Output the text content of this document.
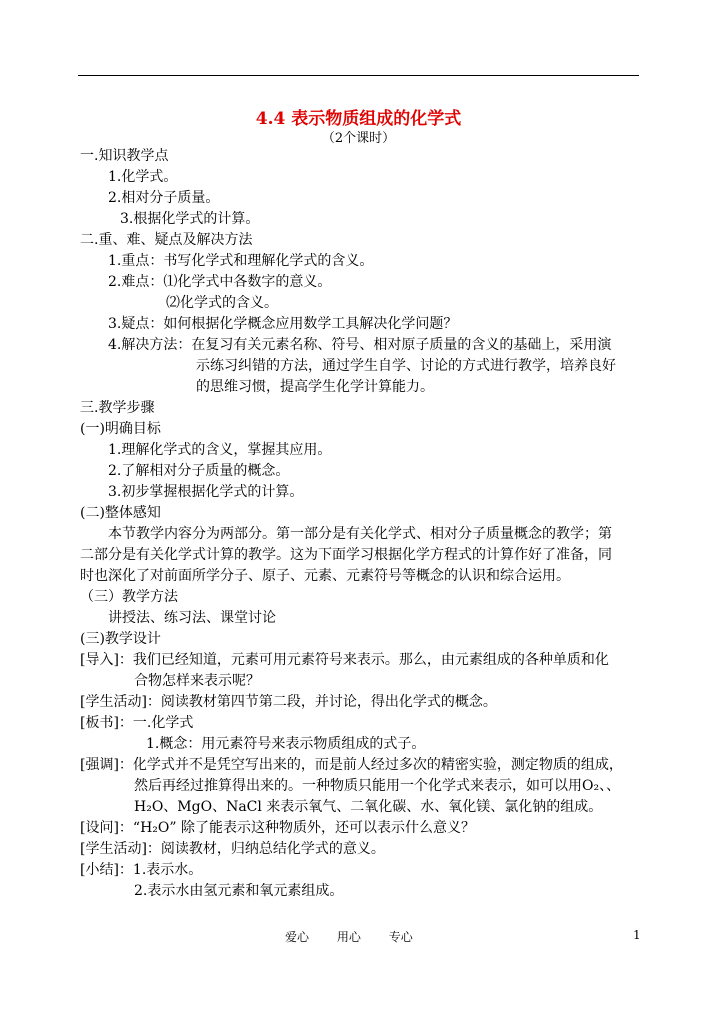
4.4 表示物质组成的化学式
（2个课时）
一.知识教学点
1.化学式。
2.相对分子质量。
3.根据化学式的计算。
二.重、难、疑点及解决方法
1.重点：书写化学式和理解化学式的含义。
2.难点：⑴化学式中各数字的意义。
⑵化学式的含义。
3.疑点：如何根据化学概念应用数学工具解决化学问题？
4.解决方法：在复习有关元素名称、符号、相对原子质量的含义的基础上，采用演
示练习纠错的方法，通过学生自学、讨论的方式进行教学，培养良好
的思维习惯，提高学生化学计算能力。
三.教学步骤
(一)明确目标
1.理解化学式的含义，掌握其应用。
2.了解相对分子质量的概念。
3.初步掌握根据化学式的计算。
(二)整体感知
本节教学内容分为两部分。第一部分是有关化学式、相对分子质量概念的教学；第
二部分是有关化学式计算的教学。这为下面学习根据化学方程式的计算作好了准备，同
时也深化了对前面所学分子、原子、元素、元素符号等概念的认识和综合运用。
（三）教学方法
讲授法、练习法、课堂讨论
(三)教学设计
[导入]：我们已经知道，元素可用元素符号来表示。那么，由元素组成的各种单质和化
合物怎样来表示呢？
[学生活动]：阅读教材第四节第二段，并讨论，得出化学式的概念。
[板书]：一.化学式
1.概念：用元素符号来表示物质组成的式子。
[强调]：化学式并不是凭空写出来的，而是前人经过多次的精密实验，测定物质的组成，
然后再经过推算得出来的。一种物质只能用一个化学式来表示，如可以用O₂、、
H₂O、MgO、NaCl 来表示氧气、二氧化碳、水、氧化镁、氯化钠的组成。
[设问]：“H₂O” 除了能表示这种物质外，还可以表示什么意义？
[学生活动]：阅读教材，归纳总结化学式的意义。
[小结]：1.表示水。
2.表示水由氢元素和氧元素组成。
爱心 用心 专心	1
